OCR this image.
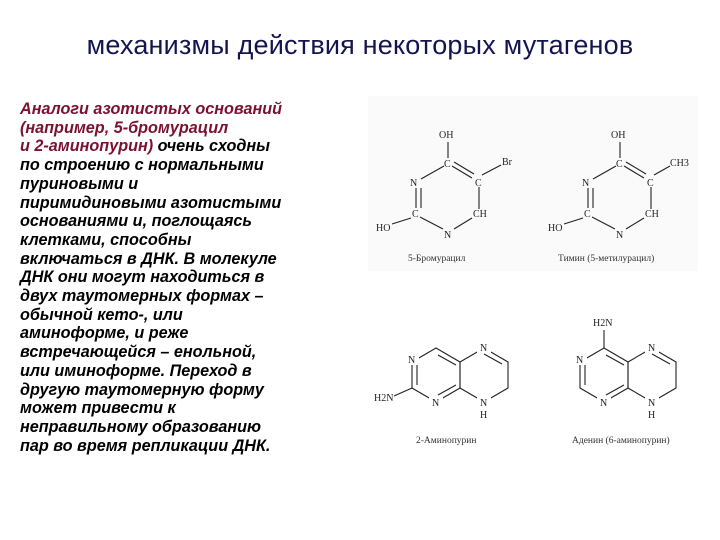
механизмы действия некоторых мутагенов
Аналоги азотистых оснований
(например, 5-бромурацил
и 2-аминопурин) очень сходны
по строению с нормальными
пуриновыми и
пиримидиновыми азотистыми
основаниями и, поглощаясь
клетками, способны
включаться в ДНК. В молекуле
ДНК они могут находиться в
двух таутомерных формах –
обычной кето-, или
аминоформе, и реже
встречающейся – енольной,
или иминоформе. Переход в
другую таутомерную форму
может привести к
неправильному образованию
пар во время репликации ДНК.
OH
C	Br
N	C
C	CH
HO
N
5-Бромурацил
OH
C	CH3
N	C
C	CH
HO
N
Тимин (5-метилурацил)
N
N
H2N	N	N
H
2-Аминопурин
H2N
N
N
N	N
H
Аденин (6-аминопурин)
